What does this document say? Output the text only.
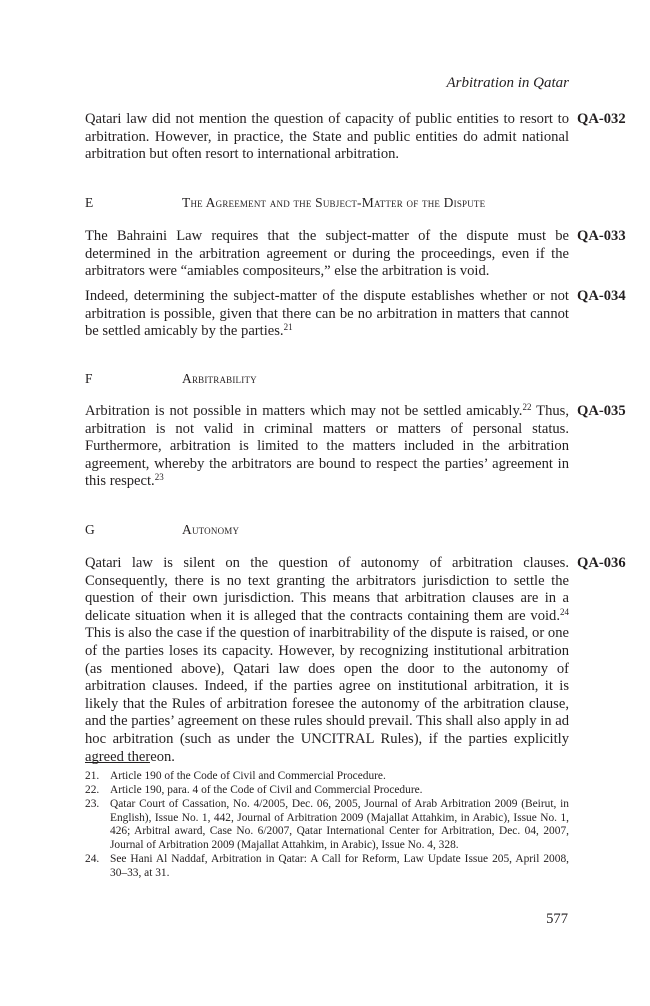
Arbitration in Qatar

Qatari law did not mention the question of capacity of public entities to resort to arbitration. However, in practice, the State and public entities do admit national arbitration but often resort to international arbitration.

QA-032
E	The Agreement and the Subject-Matter of the Dispute

The Bahraini Law requires that the subject-matter of the dispute must be determined in the arbitration agreement or during the proceedings, even if the arbitrators were “amiables compositeurs,” else the arbitration is void.

QA-033

Indeed, determining the subject-matter of the dispute establishes whether or not arbitration is possible, given that there can be no arbitration in matters that cannot be settled amicably by the parties.$^{21}$

QA-034
F	Arbitrability

Arbitration is not possible in matters which may not be settled amicably.$^{22}$ Thus, arbitration is not valid in criminal matters or matters of personal status. Furthermore, arbitration is limited to the matters included in the arbitration agreement, whereby the arbitrators are bound to respect the parties’ agreement in this respect.$^{23}$

QA-035
G	Autonomy

Qatari law is silent on the question of autonomy of arbitration clauses. Consequently, there is no text granting the arbitrators jurisdiction to settle the question of their own jurisdiction. This means that arbitration clauses are in a delicate situation when it is alleged that the contracts containing them are void.$^{24}$ This is also the case if the question of inarbitrability of the dispute is raised, or one of the parties loses its capacity. However, by recognizing institutional arbitration (as mentioned above), Qatari law does open the door to the autonomy of arbitration clauses. Indeed, if the parties agree on institutional arbitration, it is likely that the Rules of arbitration foresee the autonomy of the arbitration clause, and the parties’ agreement on these rules should prevail. This shall also apply in ad hoc arbitration (such as under the UNCITRAL Rules), if the parties explicitly agreed thereon.

QA-036
21. Article 190 of the Code of Civil and Commercial Procedure.
22. Article 190, para. 4 of the Code of Civil and Commercial Procedure.
23. Qatar Court of Cassation, No. 4/2005, Dec. 06, 2005, Journal of Arab Arbitration 2009 (Beirut, in English), Issue No. 1, 442, Journal of Arbitration 2009 (Majallat Attahkim, in Arabic), Issue No. 1, 426; Arbitral award, Case No. 6/2007, Qatar International Center for Arbitration, Dec. 04, 2007, Journal of Arbitration 2009 (Majallat Attahkim, in Arabic), Issue No. 4, 328.
24. See Hani Al Naddaf, Arbitration in Qatar: A Call for Reform, Law Update Issue 205, April 2008, 30–33, at 31.
577
